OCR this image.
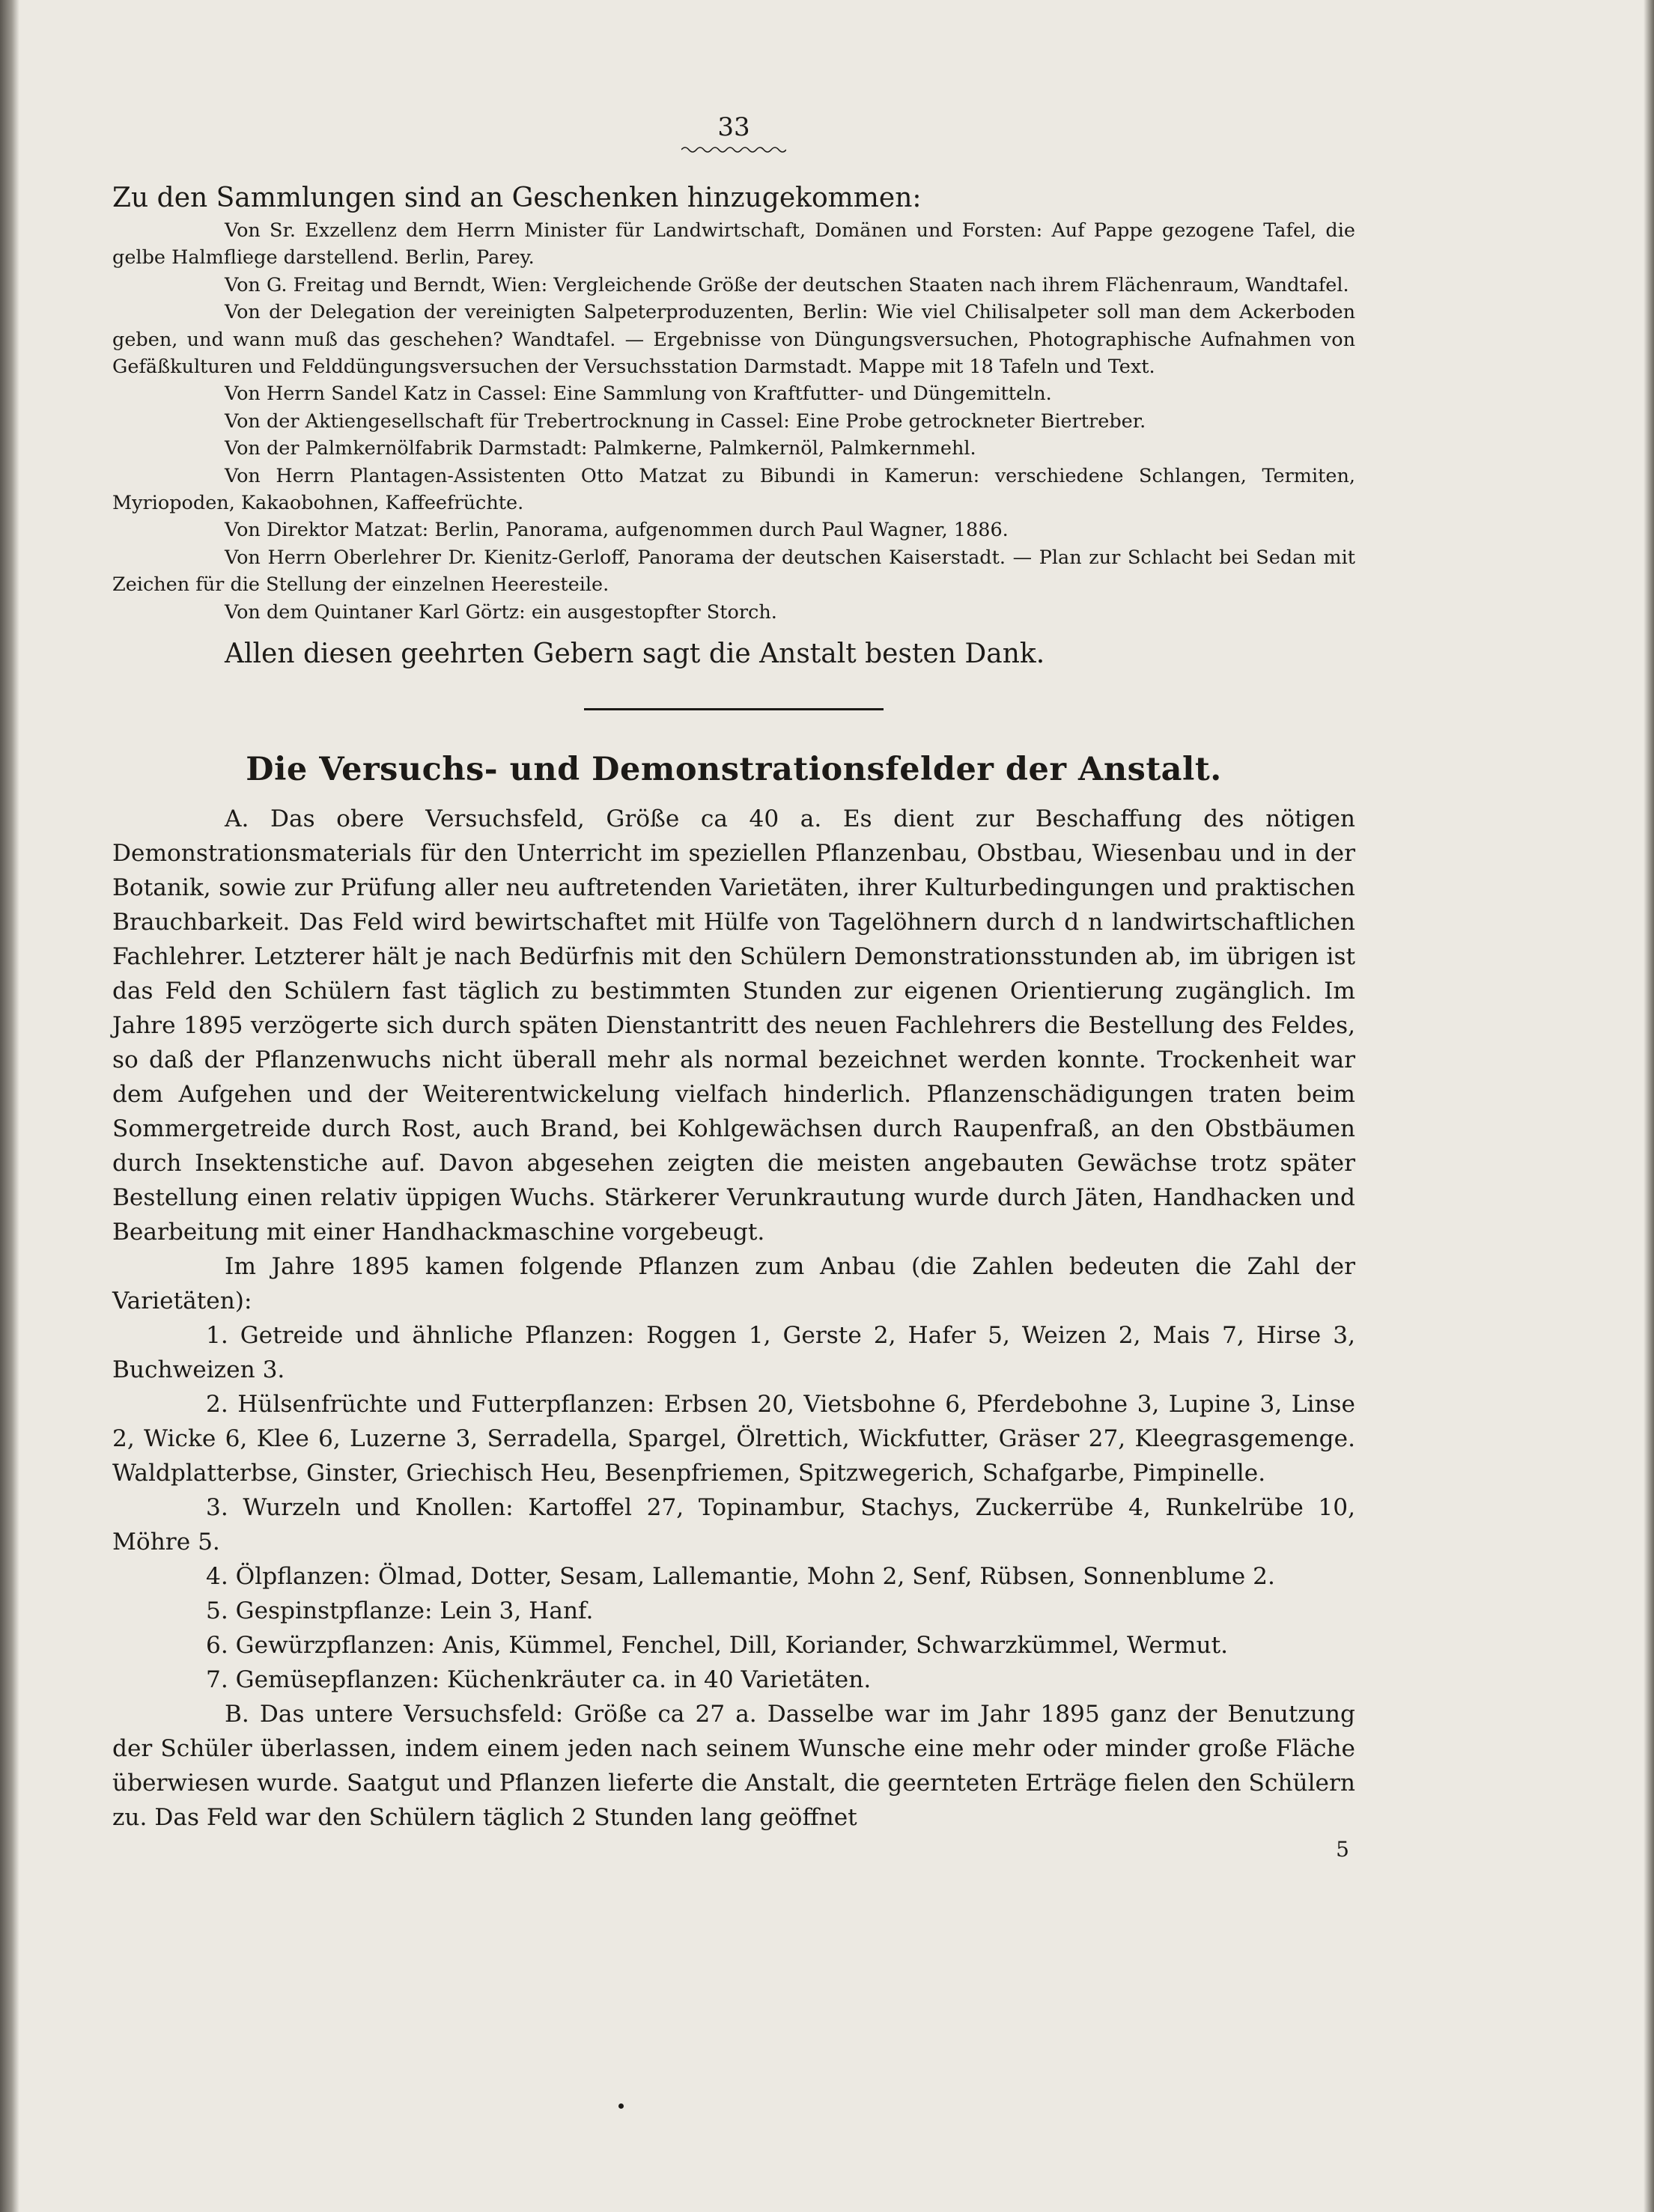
33

Zu den Sammlungen sind an Geschenken hinzugekommen:

Von Sr. Exzellenz dem Herrn Minister für Landwirtschaft, Domänen und Forsten: Auf Pappe gezogene Tafel, die gelbe Halmfliege darstellend. Berlin, Parey.

Von G. Freitag und Berndt, Wien: Vergleichende Größe der deutschen Staaten nach ihrem Flächenraum, Wandtafel.

Von der Delegation der vereinigten Salpeterproduzenten, Berlin: Wie viel Chilisalpeter soll man dem Ackerboden geben, und wann muß das geschehen? Wandtafel. — Ergebnisse von Düngungsversuchen, Photographische Aufnahmen von Gefäßkulturen und Felddüngungsversuchen der Versuchsstation Darmstadt. Mappe mit 18 Tafeln und Text.

Von Herrn Sandel Katz in Cassel: Eine Sammlung von Kraftfutter- und Düngemitteln.

Von der Aktiengesellschaft für Trebertrocknung in Cassel: Eine Probe getrockneter Biertreber.

Von der Palmkernölfabrik Darmstadt: Palmkerne, Palmkernöl, Palmkernmehl.

Von Herrn Plantagen-Assistenten Otto Matzat zu Bibundi in Kamerun: verschiedene Schlangen, Termiten, Myriopoden, Kakaobohnen, Kaffeefrüchte.

Von Direktor Matzat: Berlin, Panorama, aufgenommen durch Paul Wagner, 1886.

Von Herrn Oberlehrer Dr. Kienitz-Gerloff, Panorama der deutschen Kaiserstadt. — Plan zur Schlacht bei Sedan mit Zeichen für die Stellung der einzelnen Heeresteile.

Von dem Quintaner Karl Görtz: ein ausgestopfter Storch.

Allen diesen geehrten Gebern sagt die Anstalt besten Dank.

Die Versuchs- und Demonstrationsfelder der Anstalt.

A. Das obere Versuchsfeld, Größe ca 40 a. Es dient zur Beschaffung des nötigen Demonstrationsmaterials für den Unterricht im speziellen Pflanzenbau, Obstbau, Wiesenbau und in der Botanik, sowie zur Prüfung aller neu auftretenden Varietäten, ihrer Kulturbedingungen und praktischen Brauchbarkeit. Das Feld wird bewirtschaftet mit Hülfe von Tagelöhnern durch d n landwirtschaftlichen Fachlehrer. Letzterer hält je nach Bedürfnis mit den Schülern Demonstrationsstunden ab, im übrigen ist das Feld den Schülern fast täglich zu bestimmten Stunden zur eigenen Orientierung zugänglich. Im Jahre 1895 verzögerte sich durch späten Dienstantritt des neuen Fachlehrers die Bestellung des Feldes, so daß der Pflanzenwuchs nicht überall mehr als normal bezeichnet werden konnte. Trockenheit war dem Aufgehen und der Weiterentwickelung vielfach hinderlich. Pflanzenschädigungen traten beim Sommergetreide durch Rost, auch Brand, bei Kohlgewächsen durch Raupenfraß, an den Obstbäumen durch Insektenstiche auf. Davon abgesehen zeigten die meisten angebauten Gewächse trotz später Bestellung einen relativ üppigen Wuchs. Stärkerer Verunkrautung wurde durch Jäten, Handhacken und Bearbeitung mit einer Handhackmaschine vorgebeugt.

Im Jahre 1895 kamen folgende Pflanzen zum Anbau (die Zahlen bedeuten die Zahl der Varietäten):

1. Getreide und ähnliche Pflanzen: Roggen 1, Gerste 2, Hafer 5, Weizen 2, Mais 7, Hirse 3, Buchweizen 3.

2. Hülsenfrüchte und Futterpflanzen: Erbsen 20, Vietsbohne 6, Pferdebohne 3, Lupine 3, Linse 2, Wicke 6, Klee 6, Luzerne 3, Serradella, Spargel, Ölrettich, Wickfutter, Gräser 27, Kleegrasgemenge. Waldplatterbse, Ginster, Griechisch Heu, Besenpfriemen, Spitzwegerich, Schafgarbe, Pimpinelle.

3. Wurzeln und Knollen: Kartoffel 27, Topinambur, Stachys, Zuckerrübe 4, Runkelrübe 10, Möhre 5.

4. Ölpflanzen: Ölmad, Dotter, Sesam, Lallemantie, Mohn 2, Senf, Rübsen, Sonnenblume 2.

5. Gespinstpflanze: Lein 3, Hanf.

6. Gewürzpflanzen: Anis, Kümmel, Fenchel, Dill, Koriander, Schwarzkümmel, Wermut.

7. Gemüsepflanzen: Küchenkräuter ca. in 40 Varietäten.

B. Das untere Versuchsfeld: Größe ca 27 a. Dasselbe war im Jahr 1895 ganz der Benutzung der Schüler überlassen, indem einem jeden nach seinem Wunsche eine mehr oder minder große Fläche überwiesen wurde. Saatgut und Pflanzen lieferte die Anstalt, die geernteten Erträge fielen den Schülern zu. Das Feld war den Schülern täglich 2 Stunden lang geöffnet

5
